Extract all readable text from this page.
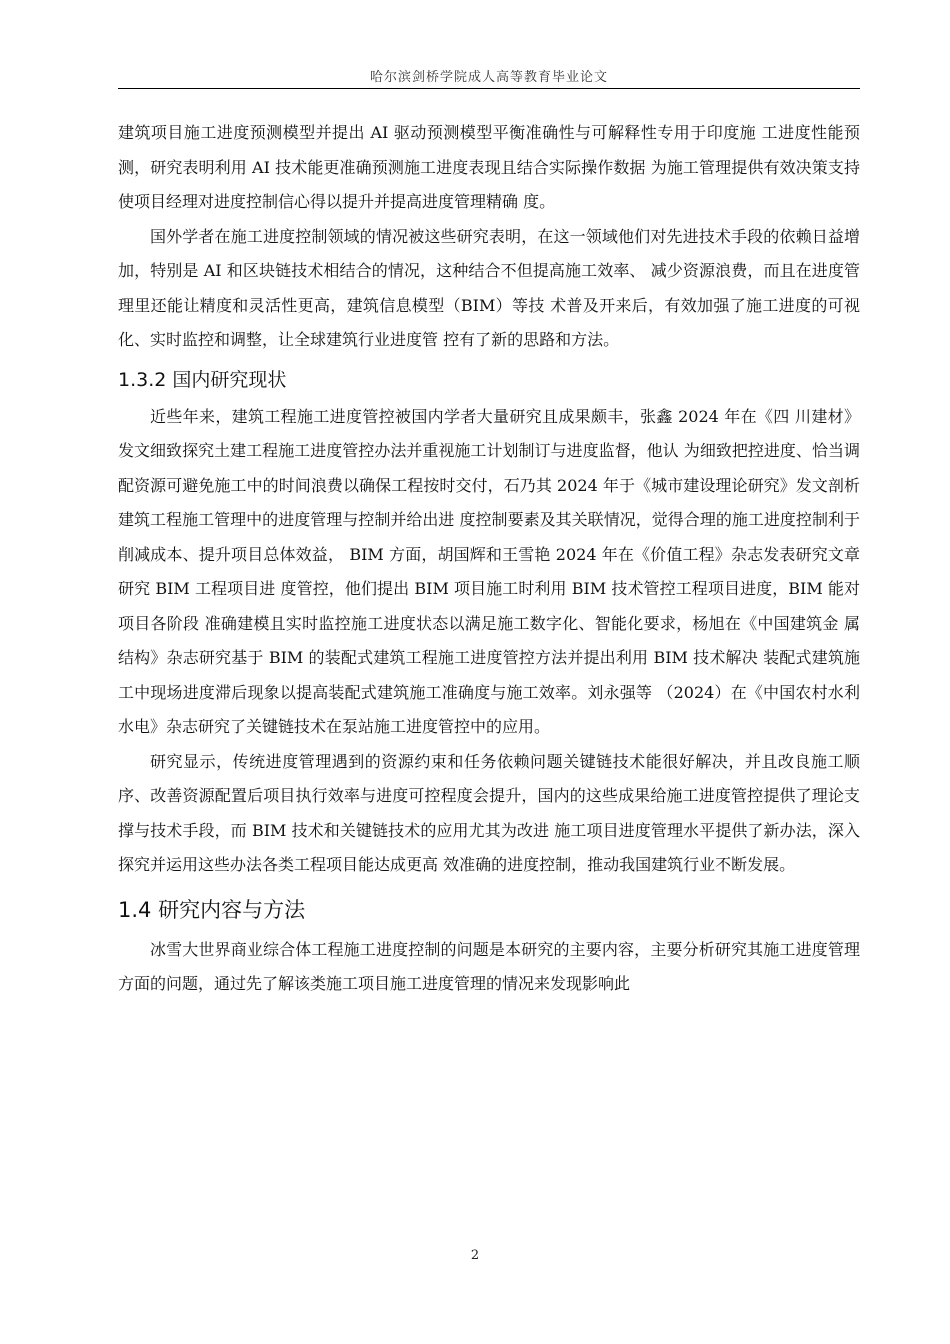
哈尔滨剑桥学院成人高等教育毕业论文

建筑项目施工进度预测模型并提出 AI 驱动预测模型平衡准确性与可解释性专用于印度施 工进度性能预测，研究表明利用 AI 技术能更准确预测施工进度表现且结合实际操作数据 为施工管理提供有效决策支持使项目经理对进度控制信心得以提升并提高进度管理精确 度。

国外学者在施工进度控制领域的情况被这些研究表明，在这一领域他们对先进技术手段的依赖日益增加，特别是 AI 和区块链技术相结合的情况，这种结合不但提高施工效率、 减少资源浪费，而且在进度管理里还能让精度和灵活性更高，建筑信息模型（BIM）等技 术普及开来后，有效加强了施工进度的可视化、实时监控和调整，让全球建筑行业进度管 控有了新的思路和方法。

1.3.2 国内研究现状

近些年来，建筑工程施工进度管控被国内学者大量研究且成果颇丰，张鑫 2024 年在《四 川建材》发文细致探究土建工程施工进度管控办法并重视施工计划制订与进度监督，他认 为细致把控进度、恰当调配资源可避免施工中的时间浪费以确保工程按时交付，石乃其 2024 年于《城市建设理论研究》发文剖析建筑工程施工管理中的进度管理与控制并给出进 度控制要素及其关联情况，觉得合理的施工进度控制利于削减成本、提升项目总体效益， BIM 方面，胡国辉和王雪艳 2024 年在《价值工程》杂志发表研究文章研究 BIM 工程项目进 度管控，他们提出 BIM 项目施工时利用 BIM 技术管控工程项目进度，BIM 能对项目各阶段 准确建模且实时监控施工进度状态以满足施工数字化、智能化要求，杨旭在《中国建筑金 属结构》杂志研究基于 BIM 的装配式建筑工程施工进度管控方法并提出利用 BIM 技术解决 装配式建筑施工中现场进度滞后现象以提高装配式建筑施工准确度与施工效率。刘永强等 （2024）在《中国农村水利水电》杂志研究了关键链技术在泵站施工进度管控中的应用。

研究显示，传统进度管理遇到的资源约束和任务依赖问题关键链技术能很好解决，并且改良施工顺序、改善资源配置后项目执行效率与进度可控程度会提升，国内的这些成果给施工进度管控提供了理论支撑与技术手段，而 BIM 技术和关键链技术的应用尤其为改进 施工项目进度管理水平提供了新办法，深入探究并运用这些办法各类工程项目能达成更高 效准确的进度控制，推动我国建筑行业不断发展。

1.4 研究内容与方法

冰雪大世界商业综合体工程施工进度控制的问题是本研究的主要内容，主要分析研究其施工进度管理方面的问题，通过先了解该类施工项目施工进度管理的情况来发现影响此

2
